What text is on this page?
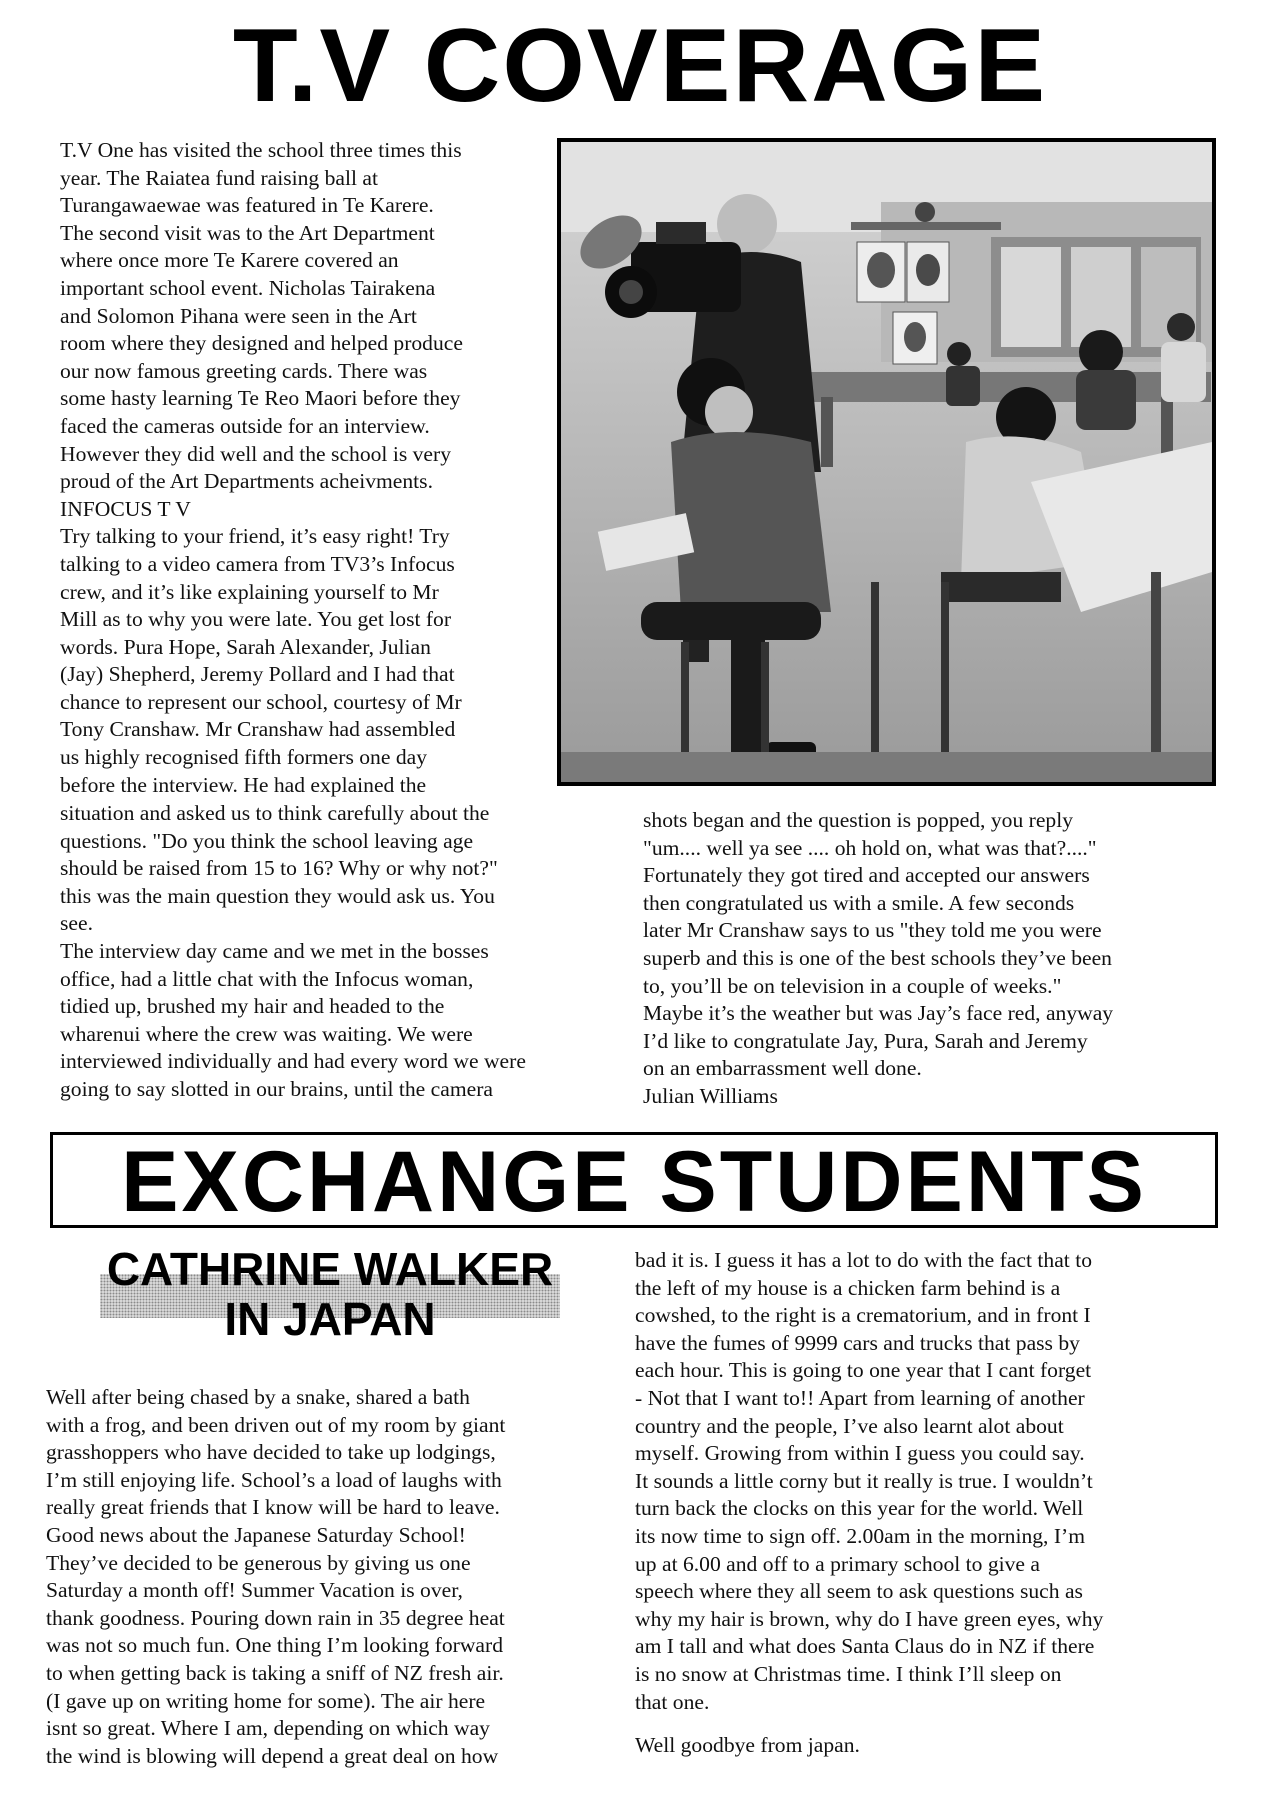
T.V COVERAGE

T.V One has visited the school three times this

year. The Raiatea fund raising ball at

Turangawaewae was featured in Te Karere.

The second visit was to the Art Department

where once more Te Karere covered an

important school event. Nicholas Tairakena

and Solomon Pihana were seen in the Art

room where they designed and helped produce

our now famous greeting cards. There was

some hasty learning Te Reo Maori before they

faced the cameras outside for an interview.

However they did well and the school is very

proud of the Art Departments acheivments.

INFOCUS T V

Try talking to your friend, it’s easy right! Try

talking to a video camera from TV3’s Infocus

crew, and it’s like explaining yourself to Mr

Mill as to why you were late. You get lost for

words. Pura Hope, Sarah Alexander, Julian

(Jay) Shepherd, Jeremy Pollard and I had that

chance to represent our school, courtesy of Mr

Tony Cranshaw. Mr Cranshaw had assembled

us highly recognised fifth formers one day

before the interview. He had explained the

situation and asked us to think carefully about the

questions. "Do you think the school leaving age

should be raised from 15 to 16? Why or why not?"

this was the main question they would ask us. You

see.

The interview day came and we met in the bosses

office, had a little chat with the Infocus woman,

tidied up, brushed my hair and headed to the

wharenui where the crew was waiting. We were

interviewed individually and had every word we were

going to say slotted in our brains, until the camera

shots began and the question is popped, you reply

"um.... well ya see .... oh hold on, what was that?...."

Fortunately they got tired and accepted our answers

then congratulated us with a smile. A few seconds

later Mr Cranshaw says to us "they told me you were

superb and this is one of the best schools they’ve been

to, you’ll be on television in a couple of weeks."

Maybe it’s the weather but was Jay’s face red, anyway

I’d like to congratulate Jay, Pura, Sarah and Jeremy

on an embarrassment well done.

Julian Williams

EXCHANGE STUDENTS
CATHRINE WALKER
IN JAPAN

Well after being chased by a snake, shared a bath

with a frog, and been driven out of my room by giant

grasshoppers who have decided to take up lodgings,

I’m still enjoying life. School’s a load of laughs with

really great friends that I know will be hard to leave.

Good news about the Japanese Saturday School!

They’ve decided to be generous by giving us one

Saturday a month off! Summer Vacation is over,

thank goodness. Pouring down rain in 35 degree heat

was not so much fun. One thing I’m looking forward

to when getting back is taking a sniff of NZ fresh air.

(I gave up on writing home for some). The air here

isnt so great. Where I am, depending on which way

the wind is blowing will depend a great deal on how

bad it is. I guess it has a lot to do with the fact that to

the left of my house is a chicken farm behind is a

cowshed, to the right is a crematorium, and in front I

have the fumes of 9999 cars and trucks that pass by

each hour. This is going to one year that I cant forget

- Not that I want to!! Apart from learning of another

country and the people, I’ve also learnt alot about

myself. Growing from within I guess you could say.

It sounds a little corny but it really is true. I wouldn’t

turn back the clocks on this year for the world. Well

its now time to sign off. 2.00am in the morning, I’m

up at 6.00 and off to a primary school to give a

speech where they all seem to ask questions such as

why my hair is brown, why do I have green eyes, why

am I tall and what does Santa Claus do in NZ if there

is no snow at Christmas time. I think I’ll sleep on

that one.

Well goodbye from japan.
